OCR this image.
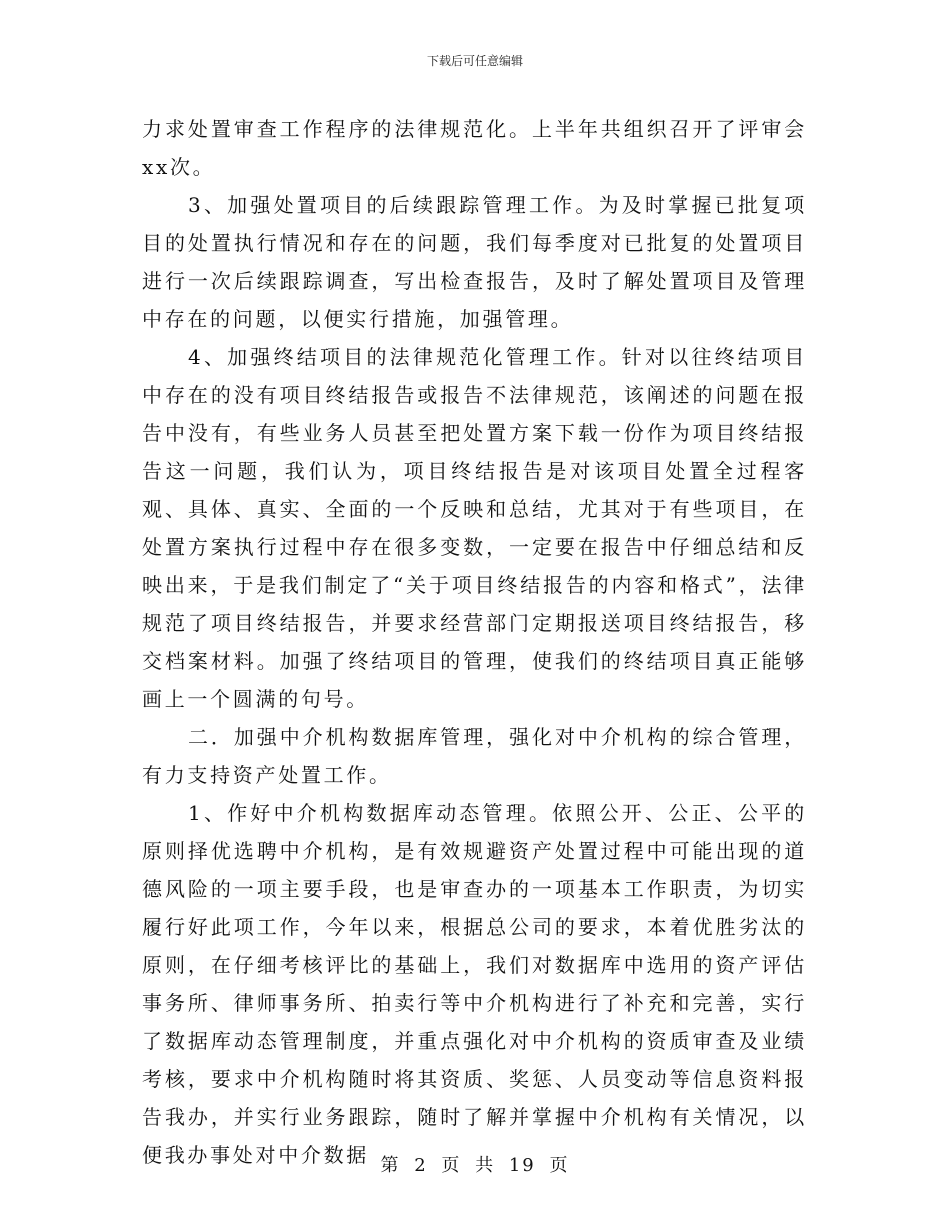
下载后可任意编辑

力求处置审查工作程序的法律规范化。上半年共组织召开了评审会xx次。

3、加强处置项目的后续跟踪管理工作。为及时掌握已批复项目的处置执行情况和存在的问题，我们每季度对已批复的处置项目进行一次后续跟踪调查，写出检查报告，及时了解处置项目及管理中存在的问题，以便实行措施，加强管理。

4、加强终结项目的法律规范化管理工作。针对以往终结项目中存在的没有项目终结报告或报告不法律规范，该阐述的问题在报告中没有，有些业务人员甚至把处置方案下载一份作为项目终结报告这一问题，我们认为，项目终结报告是对该项目处置全过程客观、具体、真实、全面的一个反映和总结，尤其对于有些项目，在处置方案执行过程中存在很多变数，一定要在报告中仔细总结和反映出来，于是我们制定了“关于项目终结报告的内容和格式”，法律规范了项目终结报告，并要求经营部门定期报送项目终结报告，移交档案材料。加强了终结项目的管理，使我们的终结项目真正能够画上一个圆满的句号。

二．加强中介机构数据库管理，强化对中介机构的综合管理，有力支持资产处置工作。

1、作好中介机构数据库动态管理。依照公开、公正、公平的原则择优选聘中介机构，是有效规避资产处置过程中可能出现的道德风险的一项主要手段，也是审查办的一项基本工作职责，为切实履行好此项工作，今年以来，根据总公司的要求，本着优胜劣汰的原则，在仔细考核评比的基础上，我们对数据库中选用的资产评估事务所、律师事务所、拍卖行等中介机构进行了补充和完善，实行了数据库动态管理制度，并重点强化对中介机构的资质审查及业绩考核，要求中介机构随时将其资质、奖惩、人员变动等信息资料报告我办，并实行业务跟踪，随时了解并掌握中介机构有关情况，以便我办事处对中介数据 第 2 页 共 19 页
